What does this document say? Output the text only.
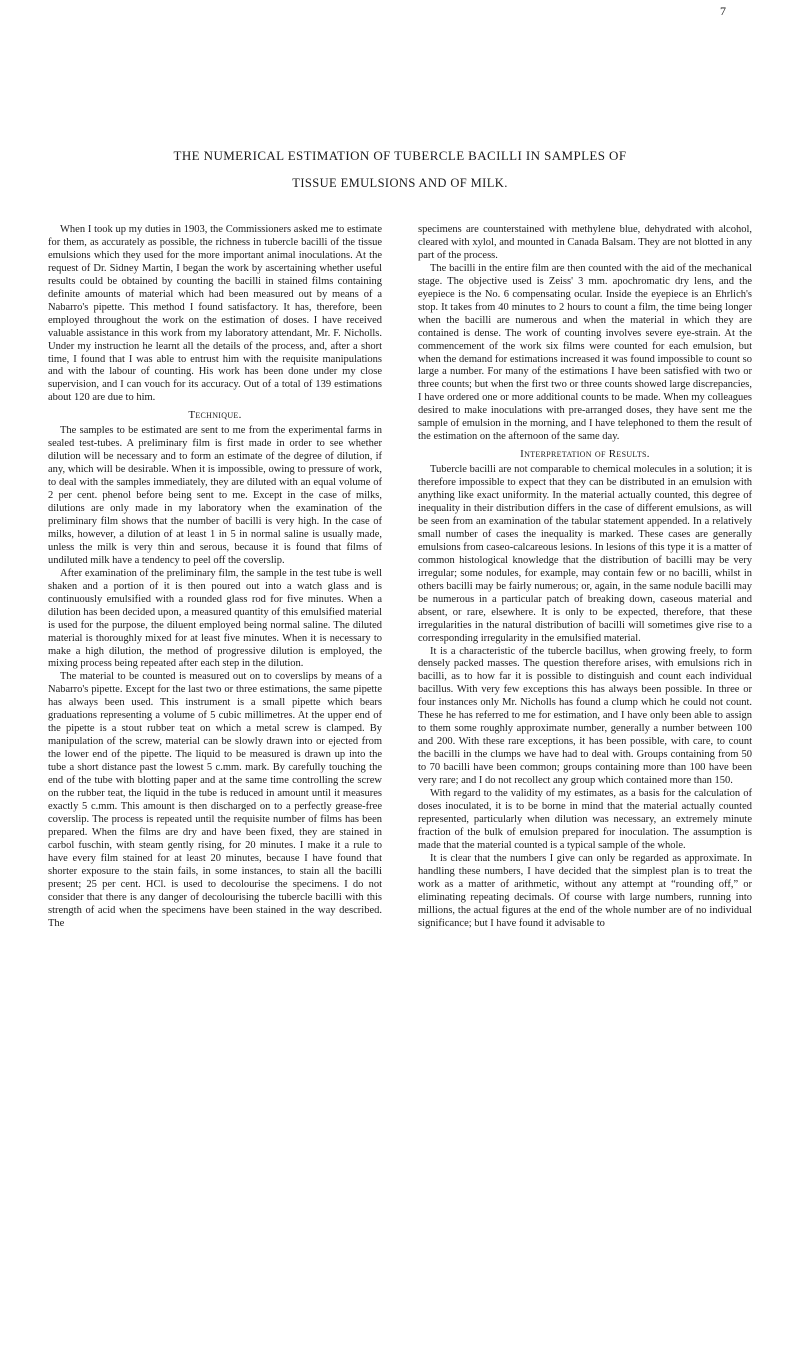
7
THE NUMERICAL ESTIMATION OF TUBERCLE BACILLI IN SAMPLES OF
TISSUE EMULSIONS AND OF MILK.

When I took up my duties in 1903, the Commissioners asked me to estimate for them, as accurately as possible, the richness in tubercle bacilli of the tissue emulsions which they used for the more important animal inoculations. At the request of Dr. Sidney Martin, I began the work by ascertaining whether useful results could be obtained by counting the bacilli in stained films containing definite amounts of material which had been measured out by means of a Nabarro's pipette. This method I found satisfactory. It has, therefore, been employed throughout the work on the estimation of doses. I have received valuable assistance in this work from my laboratory attendant, Mr. F. Nicholls. Under my instruction he learnt all the details of the process, and, after a short time, I found that I was able to entrust him with the requisite manipulations and with the labour of counting. His work has been done under my close supervision, and I can vouch for its accuracy. Out of a total of 139 estimations about 120 are due to him.

Technique.

The samples to be estimated are sent to me from the experimental farms in sealed test-tubes. A preliminary film is first made in order to see whether dilution will be necessary and to form an estimate of the degree of dilution, if any, which will be desirable. When it is impossible, owing to pressure of work, to deal with the samples immediately, they are diluted with an equal volume of 2 per cent. phenol before being sent to me. Except in the case of milks, dilutions are only made in my laboratory when the examination of the preliminary film shows that the number of bacilli is very high. In the case of milks, however, a dilution of at least 1 in 5 in normal saline is usually made, unless the milk is very thin and serous, because it is found that films of undiluted milk have a tendency to peel off the coverslip.

After examination of the preliminary film, the sample in the test tube is well shaken and a portion of it is then poured out into a watch glass and is continuously emulsified with a rounded glass rod for five minutes. When a dilution has been decided upon, a measured quantity of this emulsified material is used for the purpose, the diluent employed being normal saline. The diluted material is thoroughly mixed for at least five minutes. When it is necessary to make a high dilution, the method of progressive dilution is employed, the mixing process being repeated after each step in the dilution.

The material to be counted is measured out on to coverslips by means of a Nabarro's pipette. Except for the last two or three estimations, the same pipette has always been used. This instrument is a small pipette which bears graduations representing a volume of 5 cubic millimetres. At the upper end of the pipette is a stout rubber teat on which a metal screw is clamped. By manipulation of the screw, material can be slowly drawn into or ejected from the lower end of the pipette. The liquid to be measured is drawn up into the tube a short distance past the lowest 5 c.mm. mark. By carefully touching the end of the tube with blotting paper and at the same time controlling the screw on the rubber teat, the liquid in the tube is reduced in amount until it measures exactly 5 c.mm. This amount is then discharged on to a perfectly grease-free coverslip. The process is repeated until the requisite number of films has been prepared. When the films are dry and have been fixed, they are stained in carbol fuschin, with steam gently rising, for 20 minutes. I make it a rule to have every film stained for at least 20 minutes, because I have found that shorter exposure to the stain fails, in some instances, to stain all the bacilli present; 25 per cent. HCl. is used to decolourise the specimens. I do not consider that there is any danger of decolourising the tubercle bacilli with this strength of acid when the specimens have been stained in the way described. The

specimens are counterstained with methylene blue, dehydrated with alcohol, cleared with xylol, and mounted in Canada Balsam. They are not blotted in any part of the process.

The bacilli in the entire film are then counted with the aid of the mechanical stage. The objective used is Zeiss' 3 mm. apochromatic dry lens, and the eyepiece is the No. 6 compensating ocular. Inside the eyepiece is an Ehrlich's stop. It takes from 40 minutes to 2 hours to count a film, the time being longer when the bacilli are numerous and when the material in which they are contained is dense. The work of counting involves severe eye-strain. At the commencement of the work six films were counted for each emulsion, but when the demand for estimations increased it was found impossible to count so large a number. For many of the estimations I have been satisfied with two or three counts; but when the first two or three counts showed large discrepancies, I have ordered one or more additional counts to be made. When my colleagues desired to make inoculations with pre-arranged doses, they have sent me the sample of emulsion in the morning, and I have telephoned to them the result of the estimation on the afternoon of the same day.

Interpretation of Results.

Tubercle bacilli are not comparable to chemical molecules in a solution; it is therefore impossible to expect that they can be distributed in an emulsion with anything like exact uniformity. In the material actually counted, this degree of inequality in their distribution differs in the case of different emulsions, as will be seen from an examination of the tabular statement appended. In a relatively small number of cases the inequality is marked. These cases are generally emulsions from caseo-calcareous lesions. In lesions of this type it is a matter of common histological knowledge that the distribution of bacilli may be very irregular; some nodules, for example, may contain few or no bacilli, whilst in others bacilli may be fairly numerous; or, again, in the same nodule bacilli may be numerous in a particular patch of breaking down, caseous material and absent, or rare, elsewhere. It is only to be expected, therefore, that these irregularities in the natural distribution of bacilli will sometimes give rise to a corresponding irregularity in the emulsified material.

It is a characteristic of the tubercle bacillus, when growing freely, to form densely packed masses. The question therefore arises, with emulsions rich in bacilli, as to how far it is possible to distinguish and count each individual bacillus. With very few exceptions this has always been possible. In three or four instances only Mr. Nicholls has found a clump which he could not count. These he has referred to me for estimation, and I have only been able to assign to them some roughly approximate number, generally a number between 100 and 200. With these rare exceptions, it has been possible, with care, to count the bacilli in the clumps we have had to deal with. Groups containing from 50 to 70 bacilli have been common; groups containing more than 100 have been very rare; and I do not recollect any group which contained more than 150.

With regard to the validity of my estimates, as a basis for the calculation of doses inoculated, it is to be borne in mind that the material actually counted represented, particularly when dilution was necessary, an extremely minute fraction of the bulk of emulsion prepared for inoculation. The assumption is made that the material counted is a typical sample of the whole.

It is clear that the numbers I give can only be regarded as approximate. In handling these numbers, I have decided that the simplest plan is to treat the work as a matter of arithmetic, without any attempt at “rounding off,” or eliminating repeating decimals. Of course with large numbers, running into millions, the actual figures at the end of the whole number are of no individual significance; but I have found it advisable to
